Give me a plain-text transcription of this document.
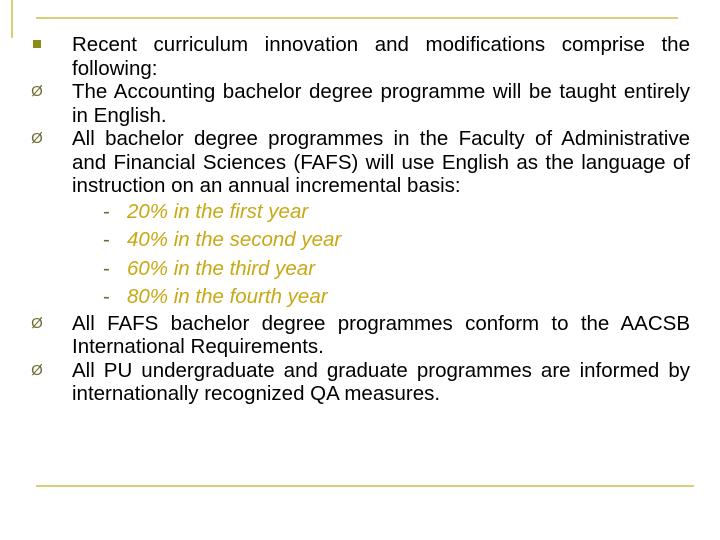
Recent curriculum innovation and modifications comprise the following:
Ø The Accounting bachelor degree programme will be taught entirely in English.
Ø All bachelor degree programmes in the Faculty of Administrative and Financial Sciences (FAFS) will use English as the language of instruction on an annual incremental basis:
- 20% in the first year
- 40% in the second year
- 60% in the third year
- 80% in the fourth year
Ø All FAFS bachelor degree programmes conform to the AACSB International Requirements.
Ø All PU undergraduate and graduate programmes are informed by internationally recognized QA measures.
